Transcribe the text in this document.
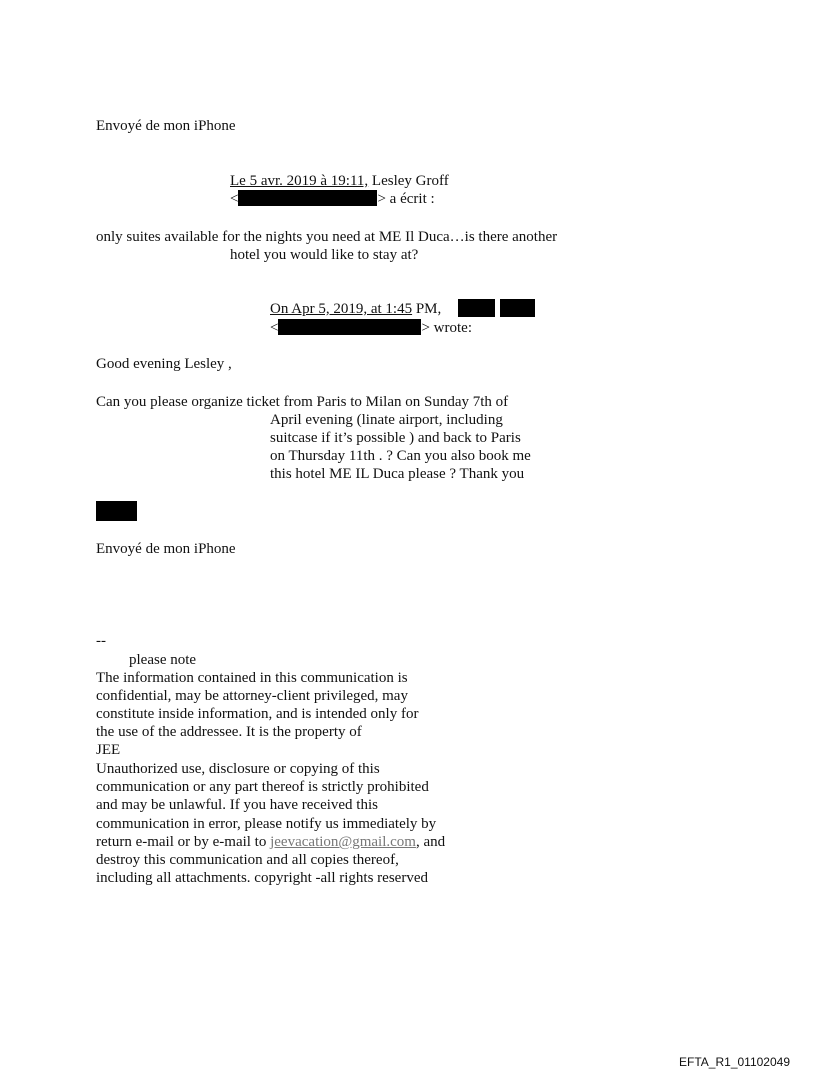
Envoyé de mon iPhone
Le 5 avr. 2019 à 19:11, Lesley Groff
<	> a écrit :
only suites available for the nights you need at ME Il Duca…is there another
hotel you would like to stay at?
On Apr 5, 2019, at 1:45 PM,
<	> wrote:
Good evening Lesley ,
Can you please organize ticket from Paris to Milan on Sunday 7th of
April evening (linate airport, including
suitcase if it’s possible ) and back to Paris
on Thursday 11th . ? Can you also book me
this hotel ME IL Duca please ? Thank you
Envoyé de mon iPhone
--
please note
The information contained in this communication is
confidential, may be attorney-client privileged, may
constitute inside information, and is intended only for
the use of the addressee. It is the property of
JEE
Unauthorized use, disclosure or copying of this
communication or any part thereof is strictly prohibited
and may be unlawful. If you have received this
communication in error, please notify us immediately by
return e-mail or by e-mail to jeevacation@gmail.com, and
destroy this communication and all copies thereof,
including all attachments. copyright -all rights reserved
EFTA_R1_01102049
